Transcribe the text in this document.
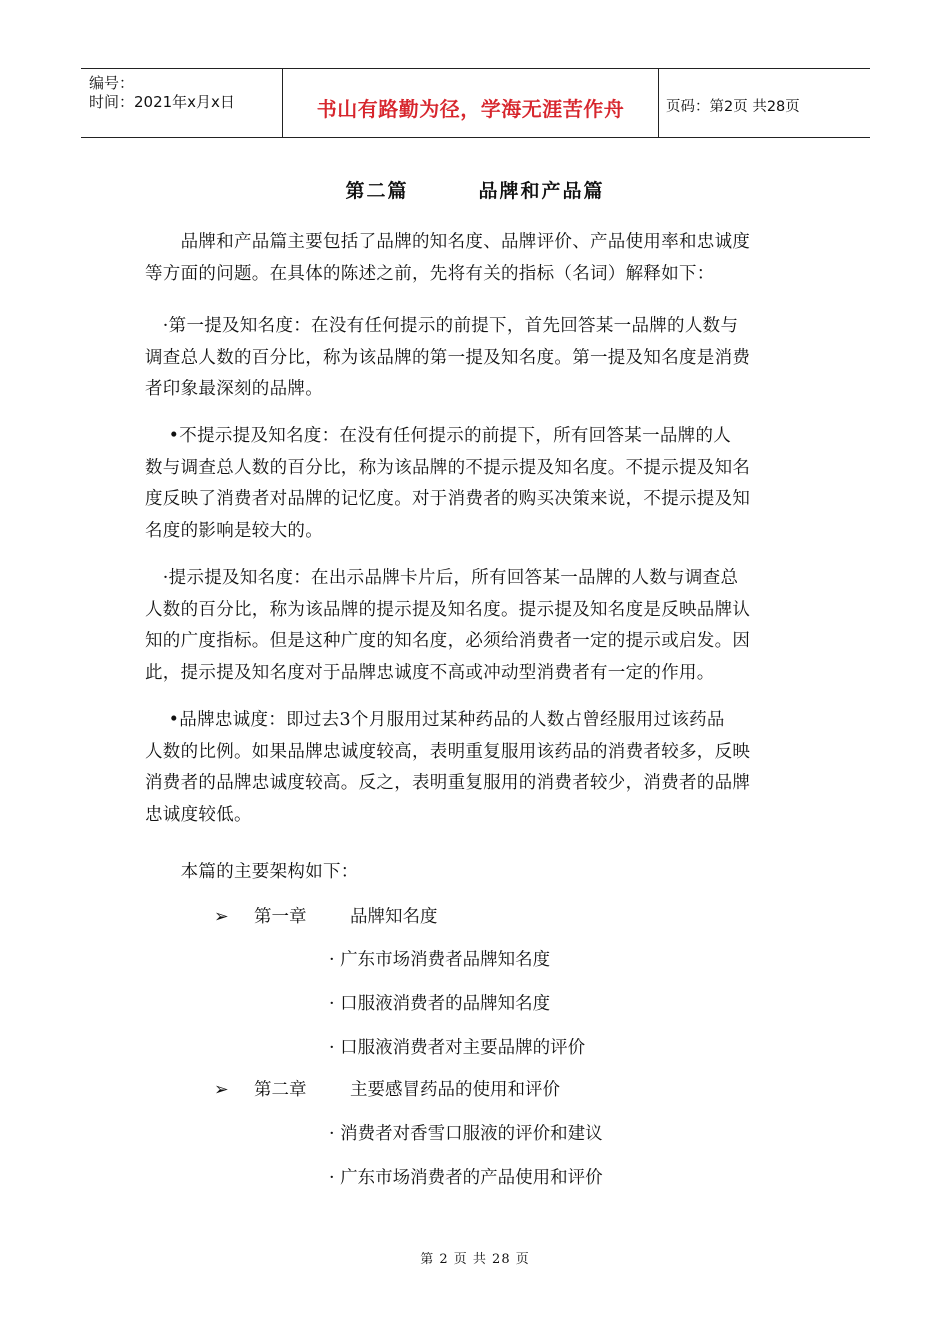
编号：
时间：2021年x月x日	书山有路勤为径，学海无涯苦作舟	页码：第2页 共28页
第二篇	品牌和产品篇
　　品牌和产品篇主要包括了品牌的知名度、品牌评价、产品使用率和忠诚度
等方面的问题。在具体的陈述之前，先将有关的指标（名词）解释如下：
　·第一提及知名度：在没有任何提示的前提下，首先回答某一品牌的人数与
调查总人数的百分比，称为该品牌的第一提及知名度。第一提及知名度是消费
者印象最深刻的品牌。
　 •不提示提及知名度：在没有任何提示的前提下，所有回答某一品牌的人
数与调查总人数的百分比，称为该品牌的不提示提及知名度。不提示提及知名
度反映了消费者对品牌的记忆度。对于消费者的购买决策来说，不提示提及知
名度的影响是较大的。
　·提示提及知名度：在出示品牌卡片后，所有回答某一品牌的人数与调查总
人数的百分比，称为该品牌的提示提及知名度。提示提及知名度是反映品牌认
知的广度指标。但是这种广度的知名度，必须给消费者一定的提示或启发。因
此，提示提及知名度对于品牌忠诚度不高或冲动型消费者有一定的作用。
　 •品牌忠诚度：即过去3个月服用过某种药品的人数占曾经服用过该药品
人数的比例。如果品牌忠诚度较高，表明重复服用该药品的消费者较多，反映
消费者的品牌忠诚度较高。反之，表明重复服用的消费者较少，消费者的品牌
忠诚度较低。
　　本篇的主要架构如下：
➢ 第一章 品牌知名度
· 广东市场消费者品牌知名度
· 口服液消费者的品牌知名度
· 口服液消费者对主要品牌的评价
➢ 第二章 主要感冒药品的使用和评价
· 消费者对香雪口服液的评价和建议
· 广东市场消费者的产品使用和评价
第 2 页 共 28 页
